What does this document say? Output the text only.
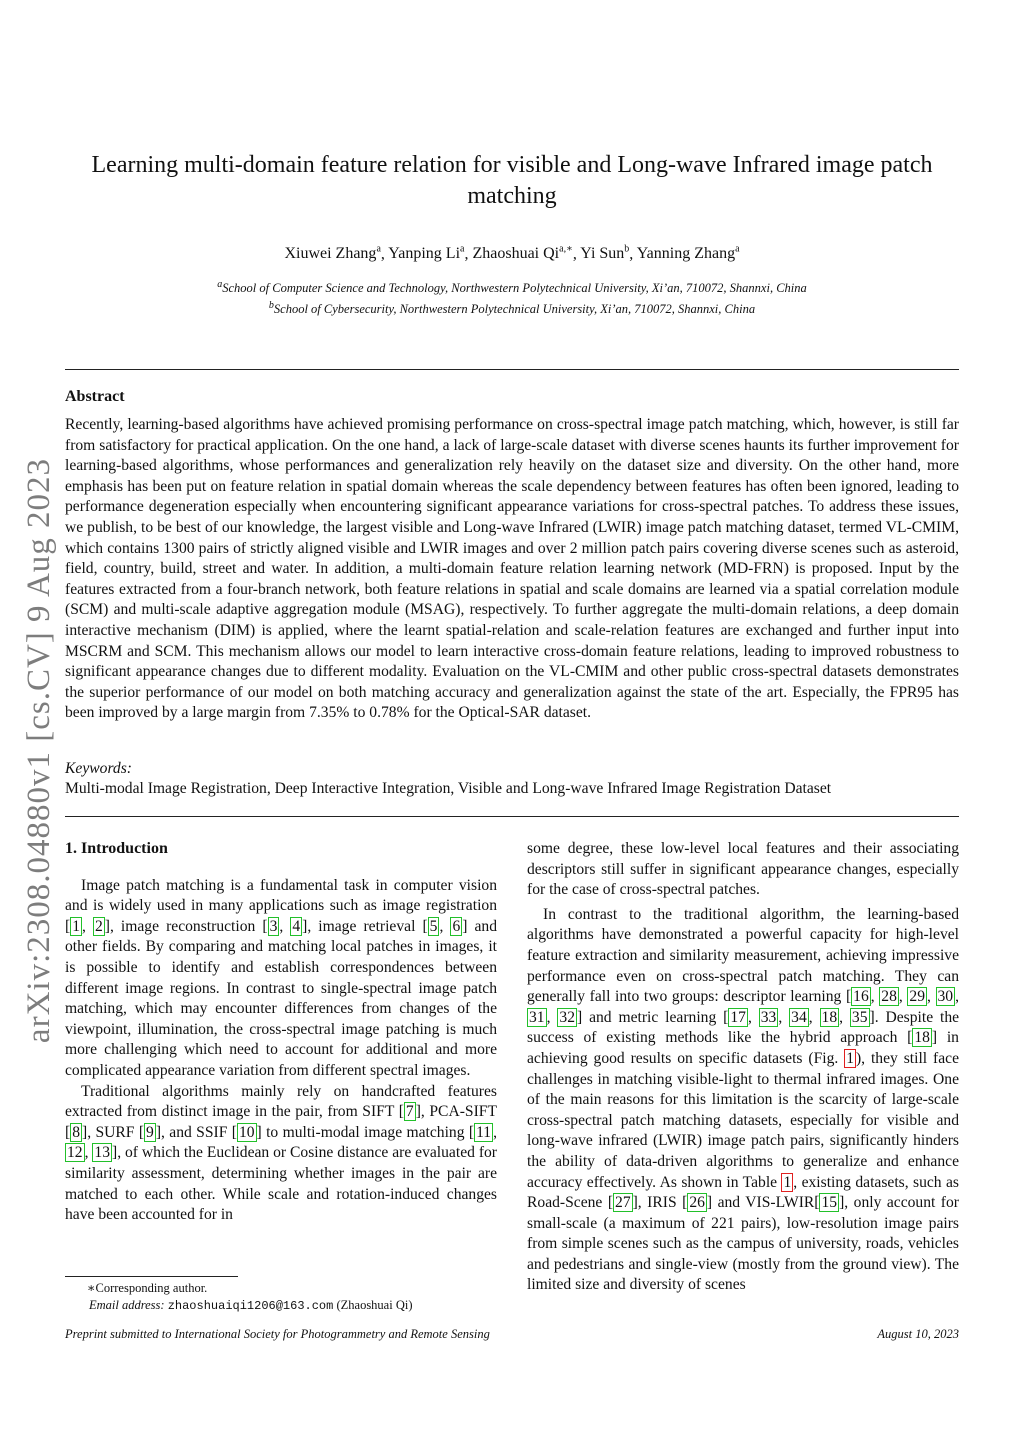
arXiv:2308.04880v1 [cs.CV] 9 Aug 2023
Learning multi-domain feature relation for visible and Long-wave Infrared image patch matching
Xiuwei Zhang$^a$, Yanping Li$^a$, Zhaoshuai $Qi^{a,∗}$, Yi Sun$^b$, Yanning Zhang$^a$
$^a$School of Computer Science and Technology, Northwestern Polytechnical University, Xi’an, 710072, Shannxi, China
$^b$School of Cybersecurity, Northwestern Polytechnical University, Xi’an, 710072, Shannxi, China
Abstract
Recently, learning-based algorithms have achieved promising performance on cross-spectral image patch matching, which, however, is still far from satisfactory for practical application. On the one hand, a lack of large-scale dataset with diverse scenes haunts its further improvement for learning-based algorithms, whose performances and generalization rely heavily on the dataset size and diversity. On the other hand, more emphasis has been put on feature relation in spatial domain whereas the scale dependency between features has often been ignored, leading to performance degeneration especially when encountering significant appearance variations for cross-spectral patches. To address these issues, we publish, to be best of our knowledge, the largest visible and Long-wave Infrared (LWIR) image patch matching dataset, termed VL-CMIM, which contains 1300 pairs of strictly aligned visible and LWIR images and over 2 million patch pairs covering diverse scenes such as asteroid, field, country, build, street and water. In addition, a multi-domain feature relation learning network (MD-FRN) is proposed. Input by the features extracted from a four-branch network, both feature relations in spatial and scale domains are learned via a spatial correlation module (SCM) and multi-scale adaptive aggregation module (MSAG), respectively. To further aggregate the multi-domain relations, a deep domain interactive mechanism (DIM) is applied, where the learnt spatial-relation and scale-relation features are exchanged and further input into MSCRM and SCM. This mechanism allows our model to learn interactive cross-domain feature relations, leading to improved robustness to significant appearance changes due to different modality. Evaluation on the VL-CMIM and other public cross-spectral datasets demonstrates the superior performance of our model on both matching accuracy and generalization against the state of the art. Especially, the FPR95 has been improved by a large margin from 7.35% to 0.78% for the Optical-SAR dataset.
Keywords:
Multi-modal Image Registration, Deep Interactive Integration, Visible and Long-wave Infrared Image Registration Dataset
1. Introduction

Image patch matching is a fundamental task in computer vision and is widely used in many applications such as image registration [ 1 , 2 ], image reconstruction [ 3 , 4 ], image retrieval [ 5 , 6 ] and other fields. By comparing and matching local patches in images, it is possible to identify and establish correspondences between different image regions. In contrast to single-spectral image patch matching, which may encounter differences from changes of the viewpoint, illumination, the cross-spectral image patching is much more challenging which need to account for additional and more complicated appearance variation from different spectral images.

Traditional algorithms mainly rely on handcrafted features extracted from distinct image in the pair, from SIFT [ 7 ], PCA-SIFT [ 8 ], SURF [ 9 ], and SSIF [ 10 ] to multi-modal image matching [ 11 , 12 , 13 ], of which the Euclidean or Cosine distance are evaluated for similarity assessment, determining whether images in the pair are matched to each other. While scale and rotation-induced changes have been accounted for in

some degree, these low-level local features and their associating descriptors still suffer in significant appearance changes, especially for the case of cross-spectral patches.

In contrast to the traditional algorithm, the learning-based algorithms have demonstrated a powerful capacity for high-level feature extraction and similarity measurement, achieving impressive performance even on cross-spectral patch matching. They can generally fall into two groups: descriptor learning [ 16 , 28 , 29 , 30 , 31 , 32 ] and metric learning [ 17 , 33 , 34 , 18 , 35 ]. Despite the success of existing methods like the hybrid approach [ 18 ] in achieving good results on specific datasets (Fig. 1 ), they still face challenges in matching visible-light to thermal infrared images. One of the main reasons for this limitation is the scarcity of large-scale cross-spectral patch matching datasets, especially for visible and long-wave infrared (LWIR) image patch pairs, significantly hinders the ability of data-driven algorithms to generalize and enhance accuracy effectively. As shown in Table 1 , existing datasets, such as Road-Scene [ 27 ], IRIS [ 26 ] and VIS-LWIR[ 15 ], only account for small-scale (a maximum of 221 pairs), low-resolution image pairs from simple scenes such as the campus of university, roads, vehicles and pedestrians and single-view (mostly from the ground view). The limited size and diversity of scenes

∗Corresponding author.
Email address: zhaoshuaiqi1206@163.com (Zhaoshuai Qi)
Preprint submitted to International Society for Photogrammetry and Remote Sensing	August 10, 2023
